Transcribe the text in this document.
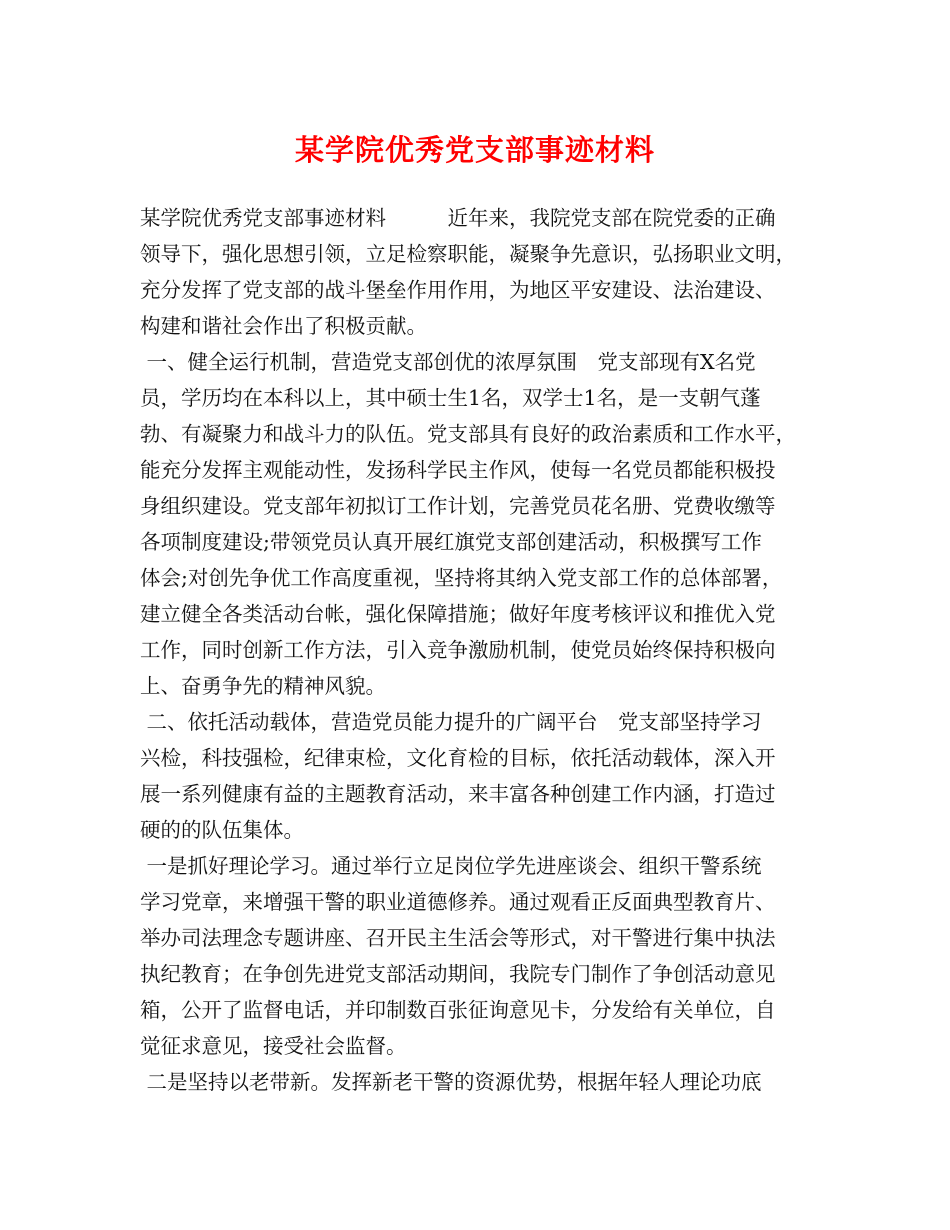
某学院优秀党支部事迹材料
某学院优秀党支部事迹材料　　　近年来，我院党支部在院党委的正确
领导下，强化思想引领，立足检察职能，凝聚争先意识，弘扬职业文明，
充分发挥了党支部的战斗堡垒作用作用，为地区平安建设、法治建设、
构建和谐社会作出了积极贡献。
一、健全运行机制，营造党支部创优的浓厚氛围　党支部现有X名党
员，学历均在本科以上，其中硕士生1名，双学士1名，是一支朝气蓬
勃、有凝聚力和战斗力的队伍。党支部具有良好的政治素质和工作水平，
能充分发挥主观能动性，发扬科学民主作风，使每一名党员都能积极投
身组织建设。党支部年初拟订工作计划，完善党员花名册、党费收缴等
各项制度建设;带领党员认真开展红旗党支部创建活动，积极撰写工作
体会;对创先争优工作高度重视，坚持将其纳入党支部工作的总体部署，
建立健全各类活动台帐，强化保障措施；做好年度考核评议和推优入党
工作，同时创新工作方法，引入竞争激励机制，使党员始终保持积极向
上、奋勇争先的精神风貌。
二、依托活动载体，营造党员能力提升的广阔平台　党支部坚持学习
兴检，科技强检，纪律束检，文化育检的目标，依托活动载体，深入开
展一系列健康有益的主题教育活动，来丰富各种创建工作内涵，打造过
硬的的队伍集体。
一是抓好理论学习。通过举行立足岗位学先进座谈会、组织干警系统
学习党章，来增强干警的职业道德修养。通过观看正反面典型教育片、
举办司法理念专题讲座、召开民主生活会等形式，对干警进行集中执法
执纪教育；在争创先进党支部活动期间，我院专门制作了争创活动意见
箱，公开了监督电话，并印制数百张征询意见卡，分发给有关单位，自
觉征求意见，接受社会监督。
二是坚持以老带新。发挥新老干警的资源优势，根据年轻人理论功底
